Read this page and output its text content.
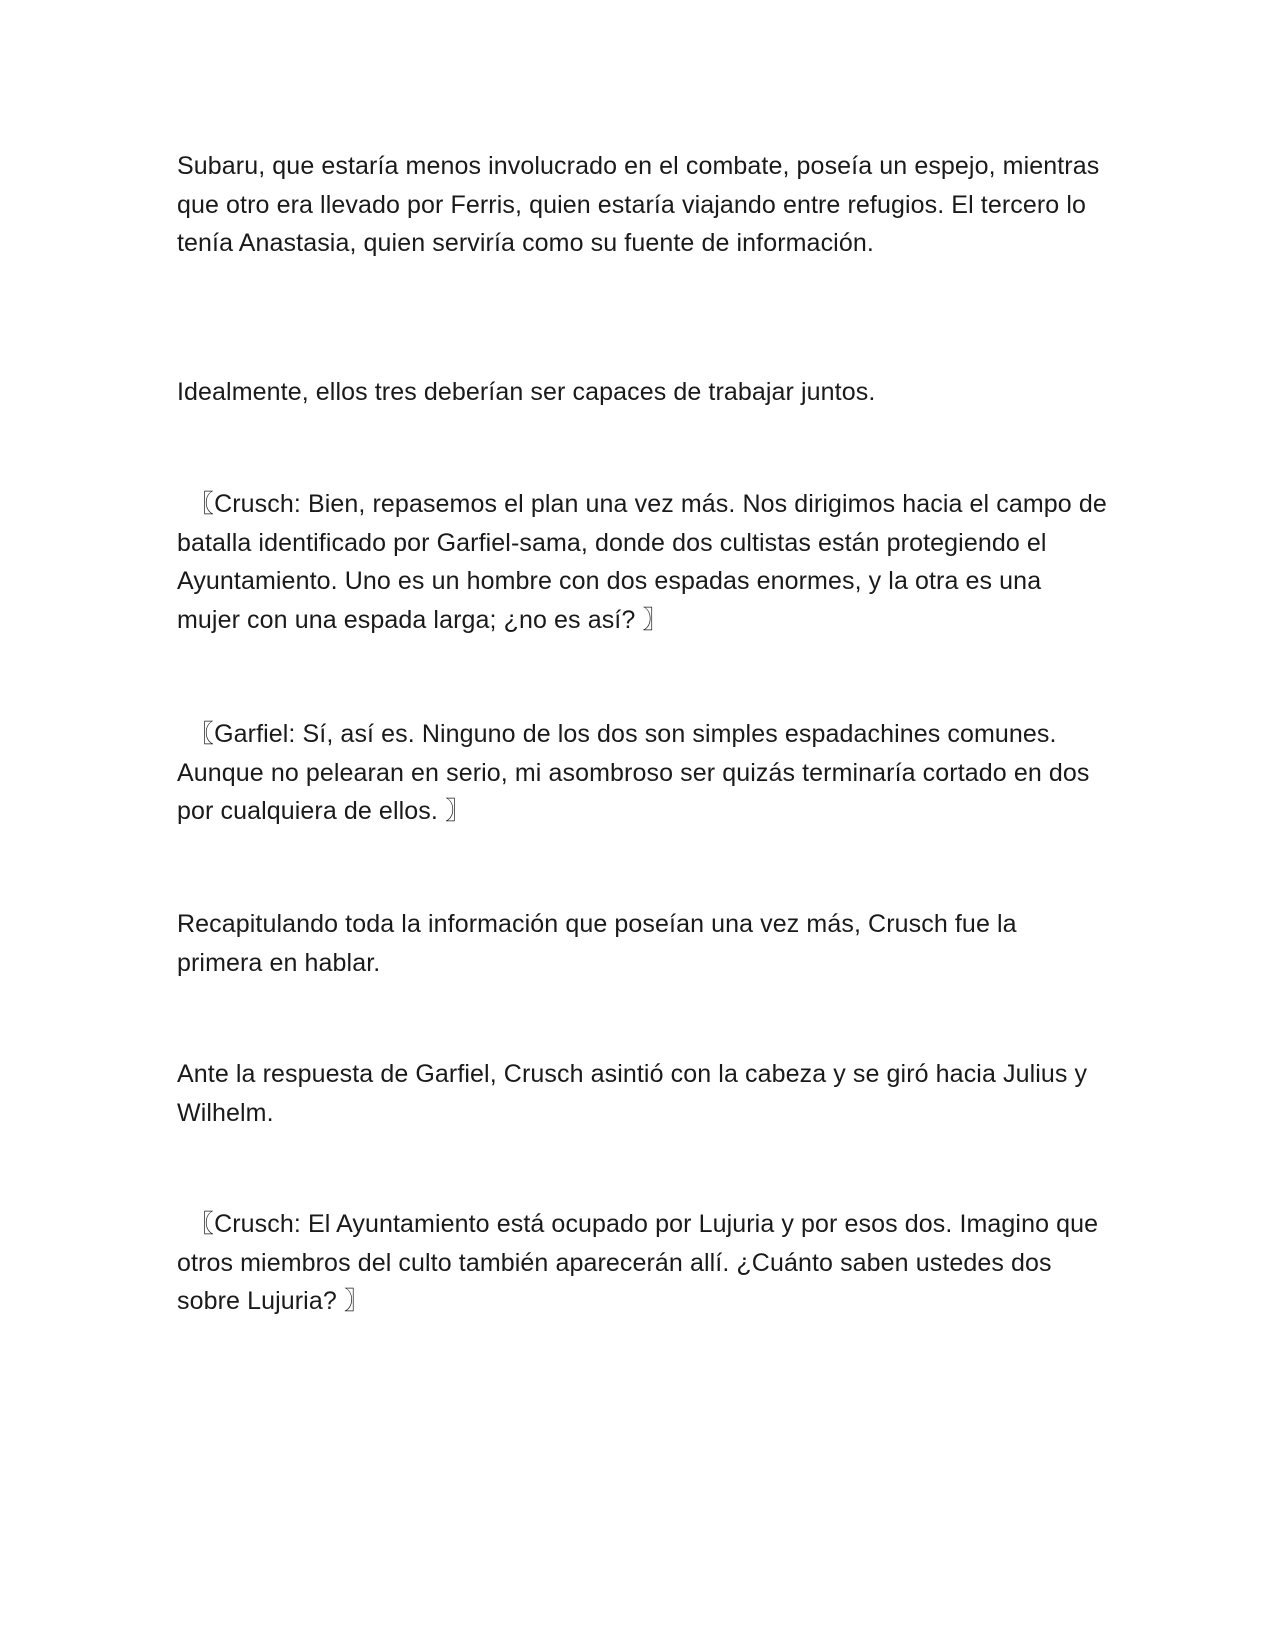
Subaru, que estaría menos involucrado en el combate, poseía un espejo, mientras que otro era llevado por Ferris, quien estaría viajando entre refugios. El tercero lo tenía Anastasia, quien serviría como su fuente de información.

Idealmente, ellos tres deberían ser capaces de trabajar juntos.

〖Crusch: Bien, repasemos el plan una vez más. Nos dirigimos hacia el campo de batalla identificado por Garfiel-sama, donde dos cultistas están protegiendo el Ayuntamiento. Uno es un hombre con dos espadas enormes, y la otra es una mujer con una espada larga; ¿no es así? 〗

〖Garfiel: Sí, así es. Ninguno de los dos son simples espadachines comunes. Aunque no pelearan en serio, mi asombroso ser quizás terminaría cortado en dos por cualquiera de ellos. 〗

Recapitulando toda la información que poseían una vez más, Crusch fue la primera en hablar.

Ante la respuesta de Garfiel, Crusch asintió con la cabeza y se giró hacia Julius y Wilhelm.

〖Crusch: El Ayuntamiento está ocupado por Lujuria y por esos dos. Imagino que otros miembros del culto también aparecerán allí. ¿Cuánto saben ustedes dos sobre Lujuria? 〗
